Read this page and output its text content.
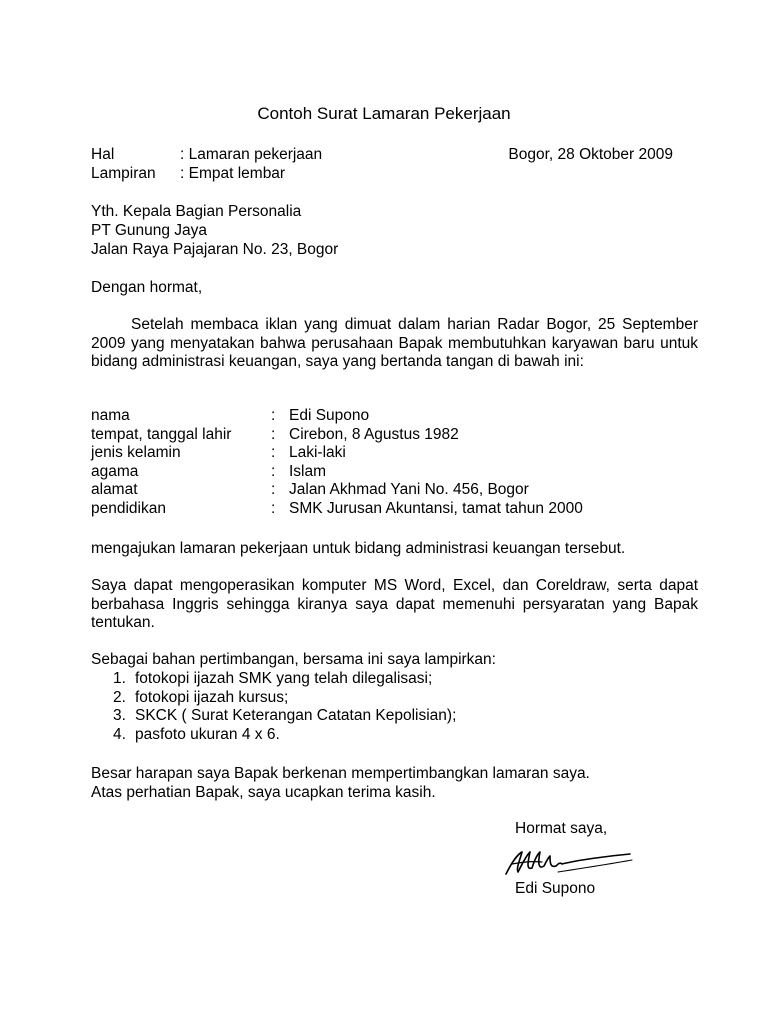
Contoh Surat Lamaran Pekerjaan
Hal	: Lamaran pekerjaan	Bogor, 28 Oktober 2009
Lampiran : Empat lembar
Yth. Kepala Bagian Personalia
PT Gunung Jaya
Jalan Raya Pajajaran No. 23, Bogor
Dengan hormat,
Setelah membaca iklan yang dimuat dalam harian Radar Bogor, 25 September 2009 yang menyatakan bahwa perusahaan Bapak membutuhkan karyawan baru untuk bidang administrasi keuangan, saya yang bertanda tangan di bawah ini:
nama	: Edi Supono
tempat, tanggal lahir	: Cirebon, 8 Agustus 1982
jenis kelamin	: Laki-laki
agama	: Islam
alamat	: Jalan Akhmad Yani No. 456, Bogor
pendidikan	: SMK Jurusan Akuntansi, tamat tahun 2000
mengajukan lamaran pekerjaan untuk bidang administrasi keuangan tersebut.
Saya dapat mengoperasikan komputer MS Word, Excel, dan Coreldraw, serta dapat berbahasa Inggris sehingga kiranya saya dapat memenuhi persyaratan yang Bapak tentukan.
Sebagai bahan pertimbangan, bersama ini saya lampirkan:
1. fotokopi ijazah SMK yang telah dilegalisasi;
2. fotokopi ijazah kursus;
3. SKCK ( Surat Keterangan Catatan Kepolisian);
4. pasfoto ukuran 4 x 6.
Besar harapan saya Bapak berkenan mempertimbangkan lamaran saya.
Atas perhatian Bapak, saya ucapkan terima kasih.
Hormat saya,
Edi Supono
